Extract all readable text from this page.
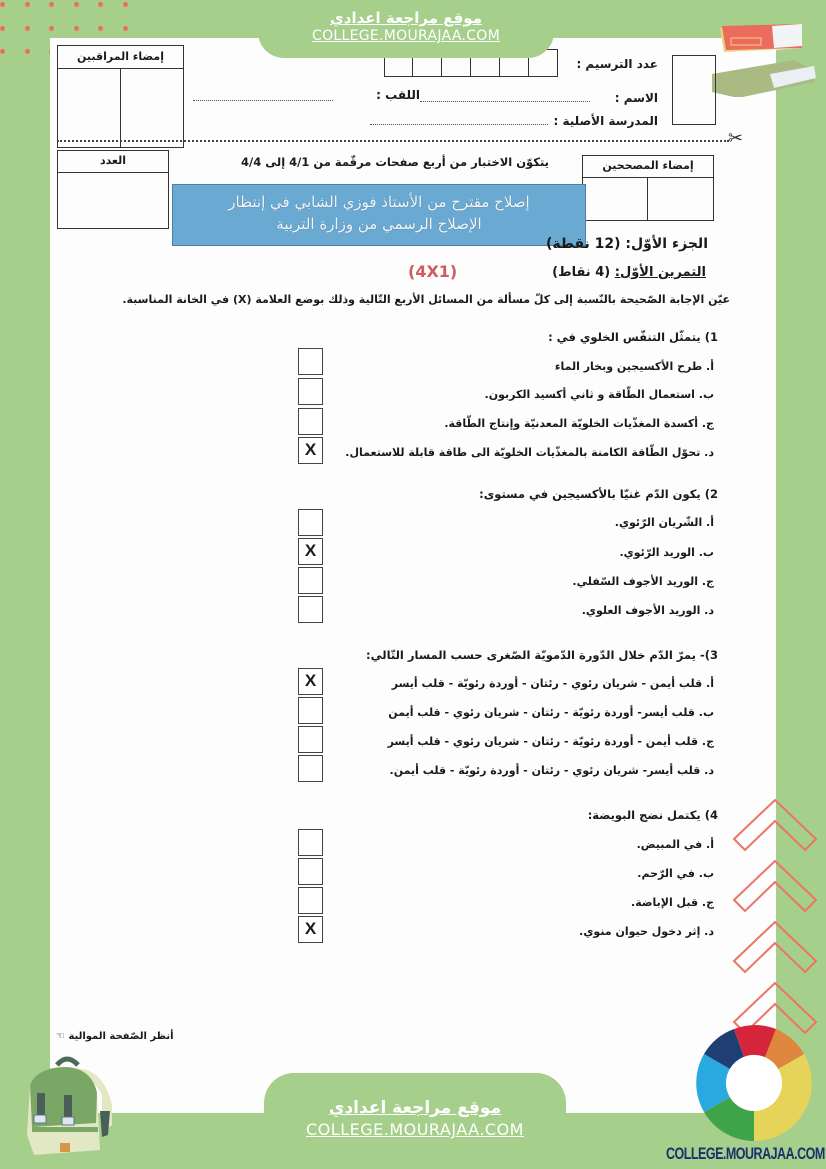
موقع مراجعة اعدادي
COLLEGE.MOURAJAA.COM
إمضاء المراقبين
عدد الترسيم :
الاسم :
اللقب :
المدرسة الأصلية :
✂
العدد	يتكوّن الاختبار من أربع صفحات مرقّمة من 4/1 إلى 4/4	إمضاء المصححين
إصلاح مقترح من الأستاذ فوزي الشابي في إنتظار
الإصلاح الرسمي من وزارة التربية
الجزء الأوّل: (12 نقطة)
التمرين الأوّل: (4 نقاط)
(4X1)
عيّن الإجابة الصّحيحة بالنّسبة إلى كلّ مسألة من المسائل الأربع التّالية وذلك بوضع العلامة (X) في الخانة المناسبة.
1) يتمثّل التنفّس الخلوي في :
أ. طرح الأكسيجين وبخار الماء
ب. استعمال الطّاقة و ثاني أكسيد الكربون.
ج. أكسدة المغذّيات الخلويّة المعدنيّة وإنتاج الطّاقة.
د. تحوّل الطّاقة الكامنة بالمغذّيات الخلويّة الى طاقة قابلة للاستعمال.
X
2) يكون الدّم غنيّا بالأكسيجين في مستوى:
أ. الشّريان الرّئوي.
ب. الوريد الرّئوي.
ج. الوريد الأجوف السّفلي.
د. الوريد الأجوف العلوي.
X
3)- يمرّ الدّم خلال الدّورة الدّمويّة الصّغرى حسب المسار التّالي:
أ. قلب أيمن - شريان رئوي - رئتان - أوردة رئويّة - قلب أيسر
ب. قلب أيسر- أوردة رئويّة - رئتان - شريان رئوي - قلب أيمن
ج. قلب أيمن - أوردة رئويّة - رئتان - شريان رئوي - قلب أيسر
د. قلب أيسر- شريان رئوي - رئتان - أوردة رئويّة - قلب أيمن.
X
4) يكتمل نضج البويضة:
أ. في المبيض.
ب. في الرّحم.
ج. قبل الإباضة.
د. إثر دخول حيوان منوي.
X
أنظر الصّفحة الموالية ☜
COLLEGE.MOURAJAA.COM
موقع مراجعة اعدادي
COLLEGE.MOURAJAA.COM
